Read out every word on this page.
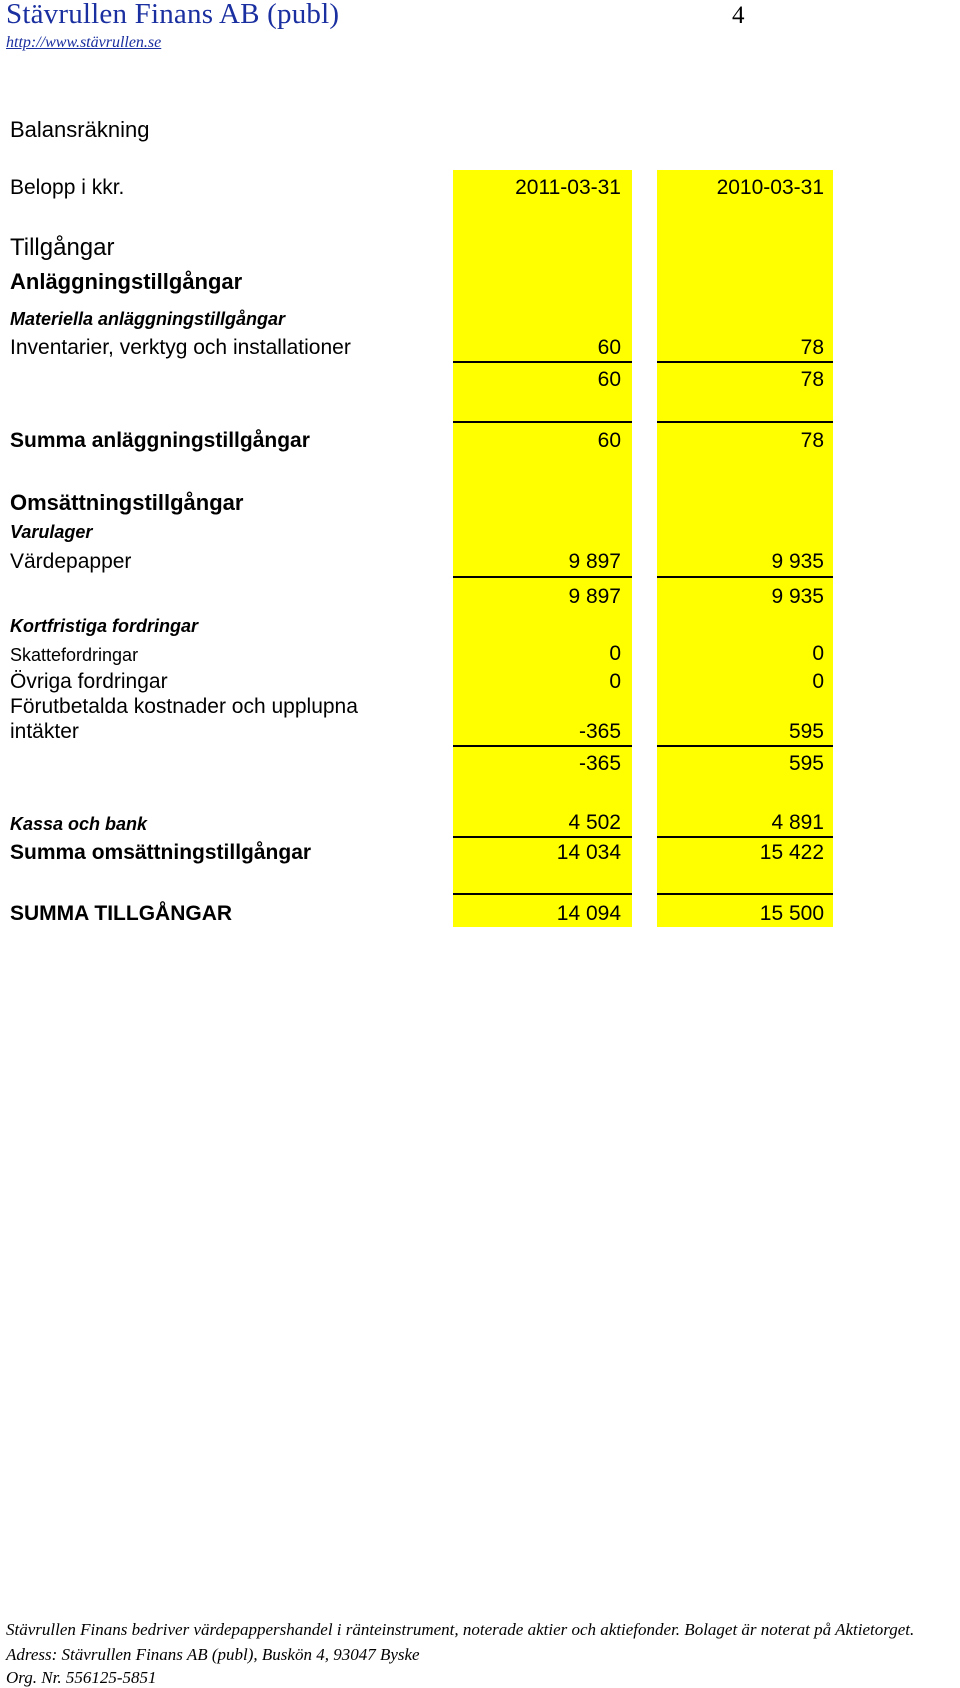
Stävrullen Finans AB (publ)	4
http://www.stävrullen.se
Balansräkning
Belopp i kkr.	2011-03-31	2010-03-31
Tillgångar
Anläggningstillgångar
Materiella anläggningstillgångar
Inventarier, verktyg och installationer	60	78
60	78
Summa anläggningstillgångar	60	78
Omsättningstillgångar
Varulager
Värdepapper	9 897	9 935
9 897	9 935
Kortfristiga fordringar
Skattefordringar	0	0
Övriga fordringar	0	0
Förutbetalda kostnader och upplupna
intäkter	-365	595
-365	595
Kassa och bank	4 502	4 891
Summa omsättningstillgångar	14 034	15 422
SUMMA TILLGÅNGAR	14 094	15 500
Stävrullen Finans bedriver värdepappershandel i ränteinstrument, noterade aktier och aktiefonder. Bolaget är noterat på Aktietorget.
Adress: Stävrullen Finans AB (publ), Buskön 4, 93047 Byske
Org. Nr. 556125-5851
